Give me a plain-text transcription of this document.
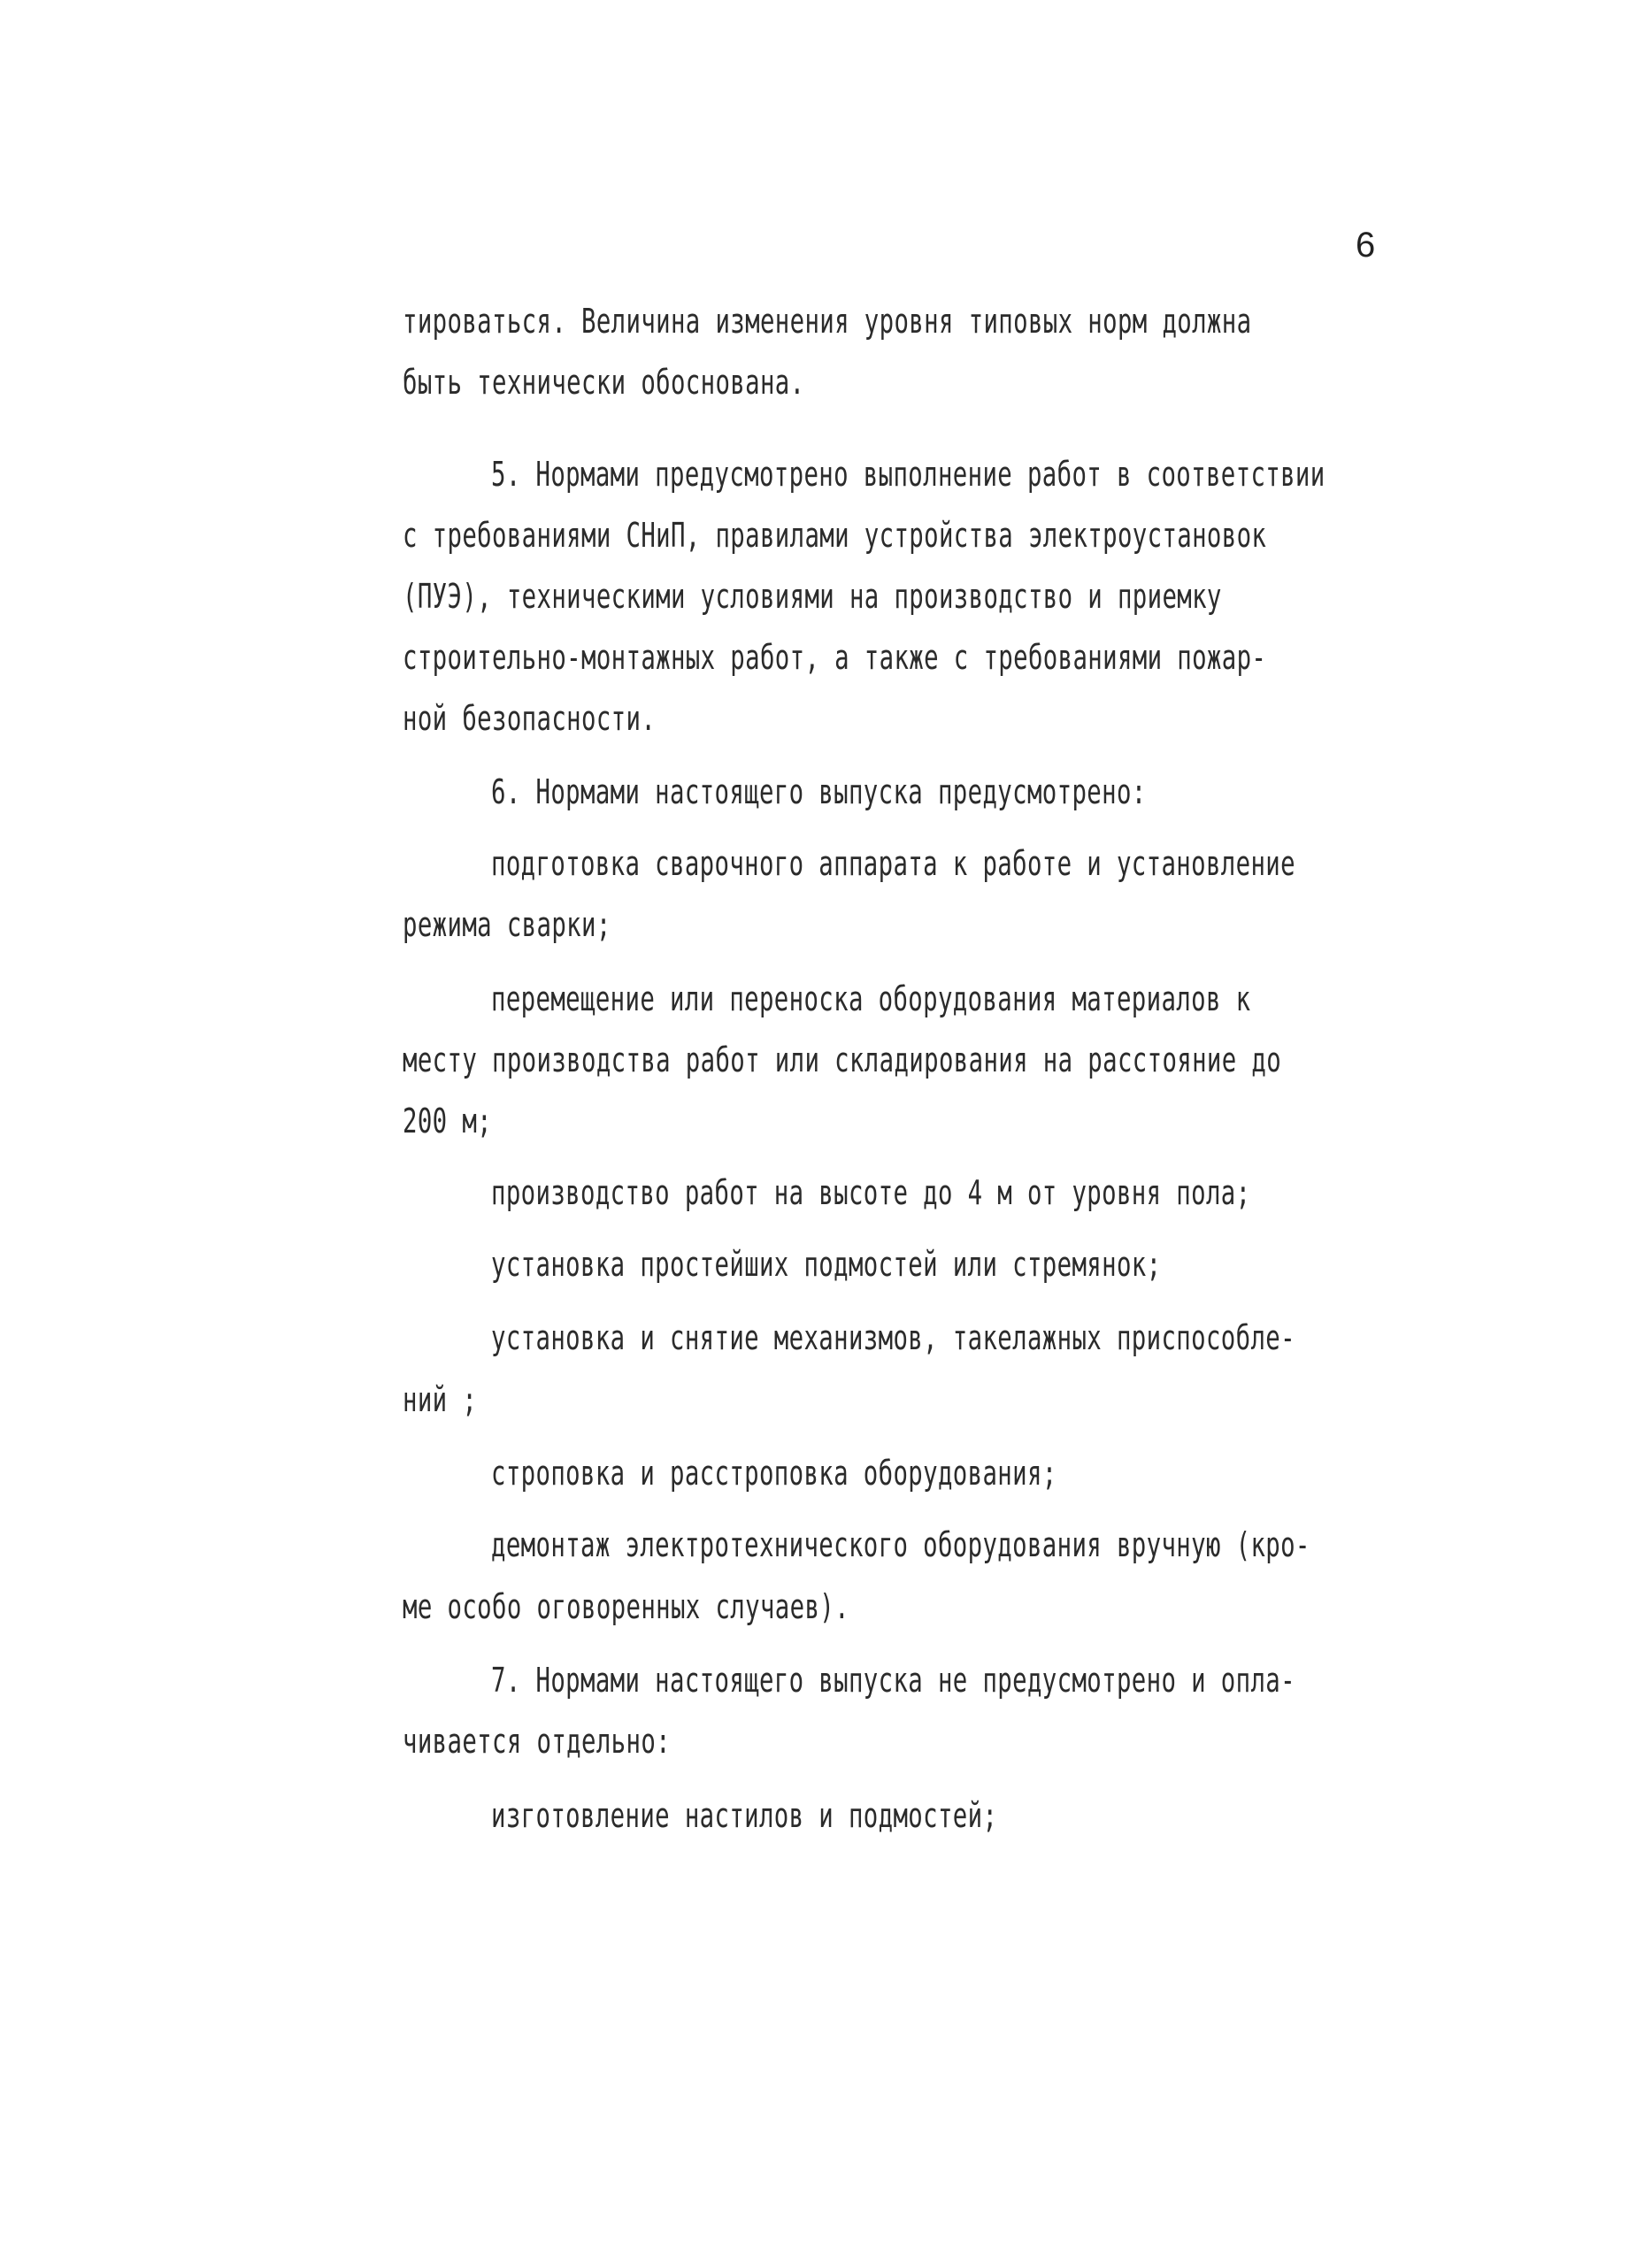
6
тировaться. Величина изменения уровня типовых норм должна
быть технически обоснована.
5. Нормами предусмотрено выполнение работ в соответствии
с требованиями СНиП, правилами устройства электроустановок
(ПУЭ), техническими условиями на производство и приемку
строительно-монтажных работ, а также с требованиями пожар-
ной безопасности.
6. Нормами настоящего выпуска предусмотрено:
подготовка сварочного аппарата к работе и установление
режима сварки;
перемещение или переноска оборудования материалов к
месту производства работ или складирования на расстояние до
200 м;
производство работ на высоте до 4 м от уровня пола;
установка простейших подмостей или стремянок;
установка и снятие механизмов, такелажных приспособле-
ний ;
строповка и расстроповка оборудования;
демонтаж электротехнического оборудования вручную (кро-
ме особо оговоренных случаев).
7. Нормами настоящего выпуска не предусмотрено и опла-
чивается отдельно:
изготовление настилов и подмостей;
